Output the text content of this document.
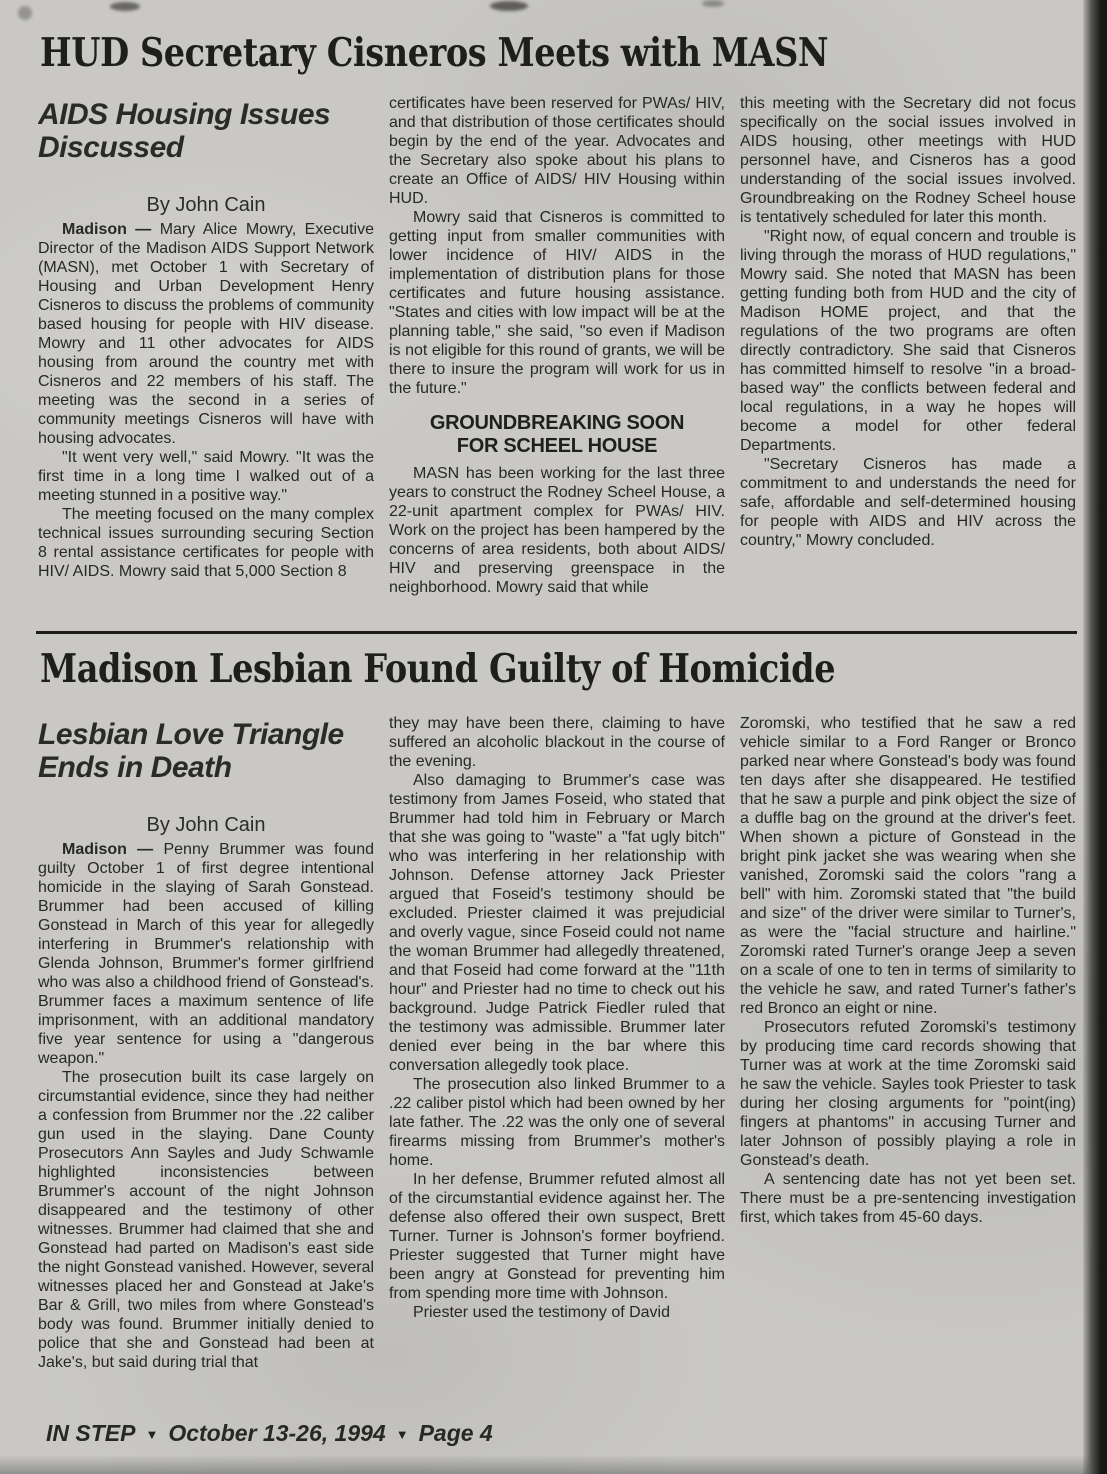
HUD Secretary Cisneros Meets with MASN
AIDS Housing Issues Discussed
By John Cain

Madison — Mary Alice Mowry, Executive Director of the Madison AIDS Support Network (MASN), met October 1 with Secretary of Housing and Urban Development Henry Cisneros to discuss the problems of community based housing for people with HIV disease. Mowry and 11 other advocates for AIDS housing from around the country met with Cisneros and 22 members of his staff. The meeting was the second in a series of community meetings Cisneros will have with housing advocates.

"It went very well," said Mowry. "It was the first time in a long time I walked out of a meeting stunned in a positive way."

The meeting focused on the many complex technical issues surrounding securing Section 8 rental assistance certificates for people with HIV/ AIDS. Mowry said that 5,000 Section 8

certificates have been reserved for PWAs/ HIV, and that distribution of those certificates should begin by the end of the year. Advocates and the Secretary also spoke about his plans to create an Office of AIDS/ HIV Housing within HUD.

Mowry said that Cisneros is committed to getting input from smaller communities with lower incidence of HIV/ AIDS in the implementation of distribution plans for those certificates and future housing assistance. "States and cities with low impact will be at the planning table," she said, "so even if Madison is not eligible for this round of grants, we will be there to insure the program will work for us in the future."

GROUNDBREAKING SOON
FOR SCHEEL HOUSE

MASN has been working for the last three years to construct the Rodney Scheel House, a 22-unit apartment complex for PWAs/ HIV. Work on the project has been hampered by the concerns of area residents, both about AIDS/ HIV and preserving greenspace in the neighborhood. Mowry said that while

this meeting with the Secretary did not focus specifically on the social issues involved in AIDS housing, other meetings with HUD personnel have, and Cisneros has a good understanding of the social issues involved. Groundbreaking on the Rodney Scheel house is tentatively scheduled for later this month.

"Right now, of equal concern and trouble is living through the morass of HUD regulations," Mowry said. She noted that MASN has been getting funding both from HUD and the city of Madison HOME project, and that the regulations of the two programs are often directly contradictory. She said that Cisneros has committed himself to resolve "in a broad- based way" the conflicts between federal and local regulations, in a way he hopes will become a model for other federal Departments.

"Secretary Cisneros has made a commitment to and understands the need for safe, affordable and self-determined housing for people with AIDS and HIV across the country," Mowry concluded.

Madison Lesbian Found Guilty of Homicide
Lesbian Love Triangle Ends in Death
By John Cain

Madison — Penny Brummer was found guilty October 1 of first degree intentional homicide in the slaying of Sarah Gonstead. Brummer had been accused of killing Gonstead in March of this year for allegedly interfering in Brummer's relationship with Glenda Johnson, Brummer's former girlfriend who was also a childhood friend of Gonstead's. Brummer faces a maximum sentence of life imprisonment, with an additional mandatory five year sentence for using a "dangerous weapon."

The prosecution built its case largely on circumstantial evidence, since they had neither a confession from Brummer nor the .22 caliber gun used in the slaying. Dane County Prosecutors Ann Sayles and Judy Schwamle highlighted inconsistencies between Brummer's account of the night Johnson disappeared and the testimony of other witnesses. Brummer had claimed that she and Gonstead had parted on Madison's east side the night Gonstead vanished. However, several witnesses placed her and Gonstead at Jake's Bar & Grill, two miles from where Gonstead's body was found. Brummer initially denied to police that she and Gonstead had been at Jake's, but said during trial that

they may have been there, claiming to have suffered an alcoholic blackout in the course of the evening.

Also damaging to Brummer's case was testimony from James Foseid, who stated that Brummer had told him in February or March that she was going to "waste" a "fat ugly bitch" who was interfering in her relationship with Johnson. Defense attorney Jack Priester argued that Foseid's testimony should be excluded. Priester claimed it was prejudicial and overly vague, since Foseid could not name the woman Brummer had allegedly threatened, and that Foseid had come forward at the "11th hour" and Priester had no time to check out his background. Judge Patrick Fiedler ruled that the testimony was admissible. Brummer later denied ever being in the bar where this conversation allegedly took place.

The prosecution also linked Brummer to a .22 caliber pistol which had been owned by her late father. The .22 was the only one of several firearms missing from Brummer's mother's home.

In her defense, Brummer refuted almost all of the circumstantial evidence against her. The defense also offered their own suspect, Brett Turner. Turner is Johnson's former boyfriend. Priester suggested that Turner might have been angry at Gonstead for preventing him from spending more time with Johnson.

Priester used the testimony of David

Zoromski, who testified that he saw a red vehicle similar to a Ford Ranger or Bronco parked near where Gonstead's body was found ten days after she disappeared. He testified that he saw a purple and pink object the size of a duffle bag on the ground at the driver's feet. When shown a picture of Gonstead in the bright pink jacket she was wearing when she vanished, Zoromski said the colors "rang a bell" with him. Zoromski stated that "the build and size" of the driver were similar to Turner's, as were the "facial structure and hairline." Zoromski rated Turner's orange Jeep a seven on a scale of one to ten in terms of similarity to the vehicle he saw, and rated Turner's father's red Bronco an eight or nine.

Prosecutors refuted Zoromski's testimony by producing time card records showing that Turner was at work at the time Zoromski said he saw the vehicle. Sayles took Priester to task during her closing arguments for "point(ing) fingers at phantoms" in accusing Turner and later Johnson of possibly playing a role in Gonstead's death.

A sentencing date has not yet been set. There must be a pre-sentencing investigation first, which takes from 45-60 days.

IN STEP ▼ October 13-26, 1994 ▼ Page 4
